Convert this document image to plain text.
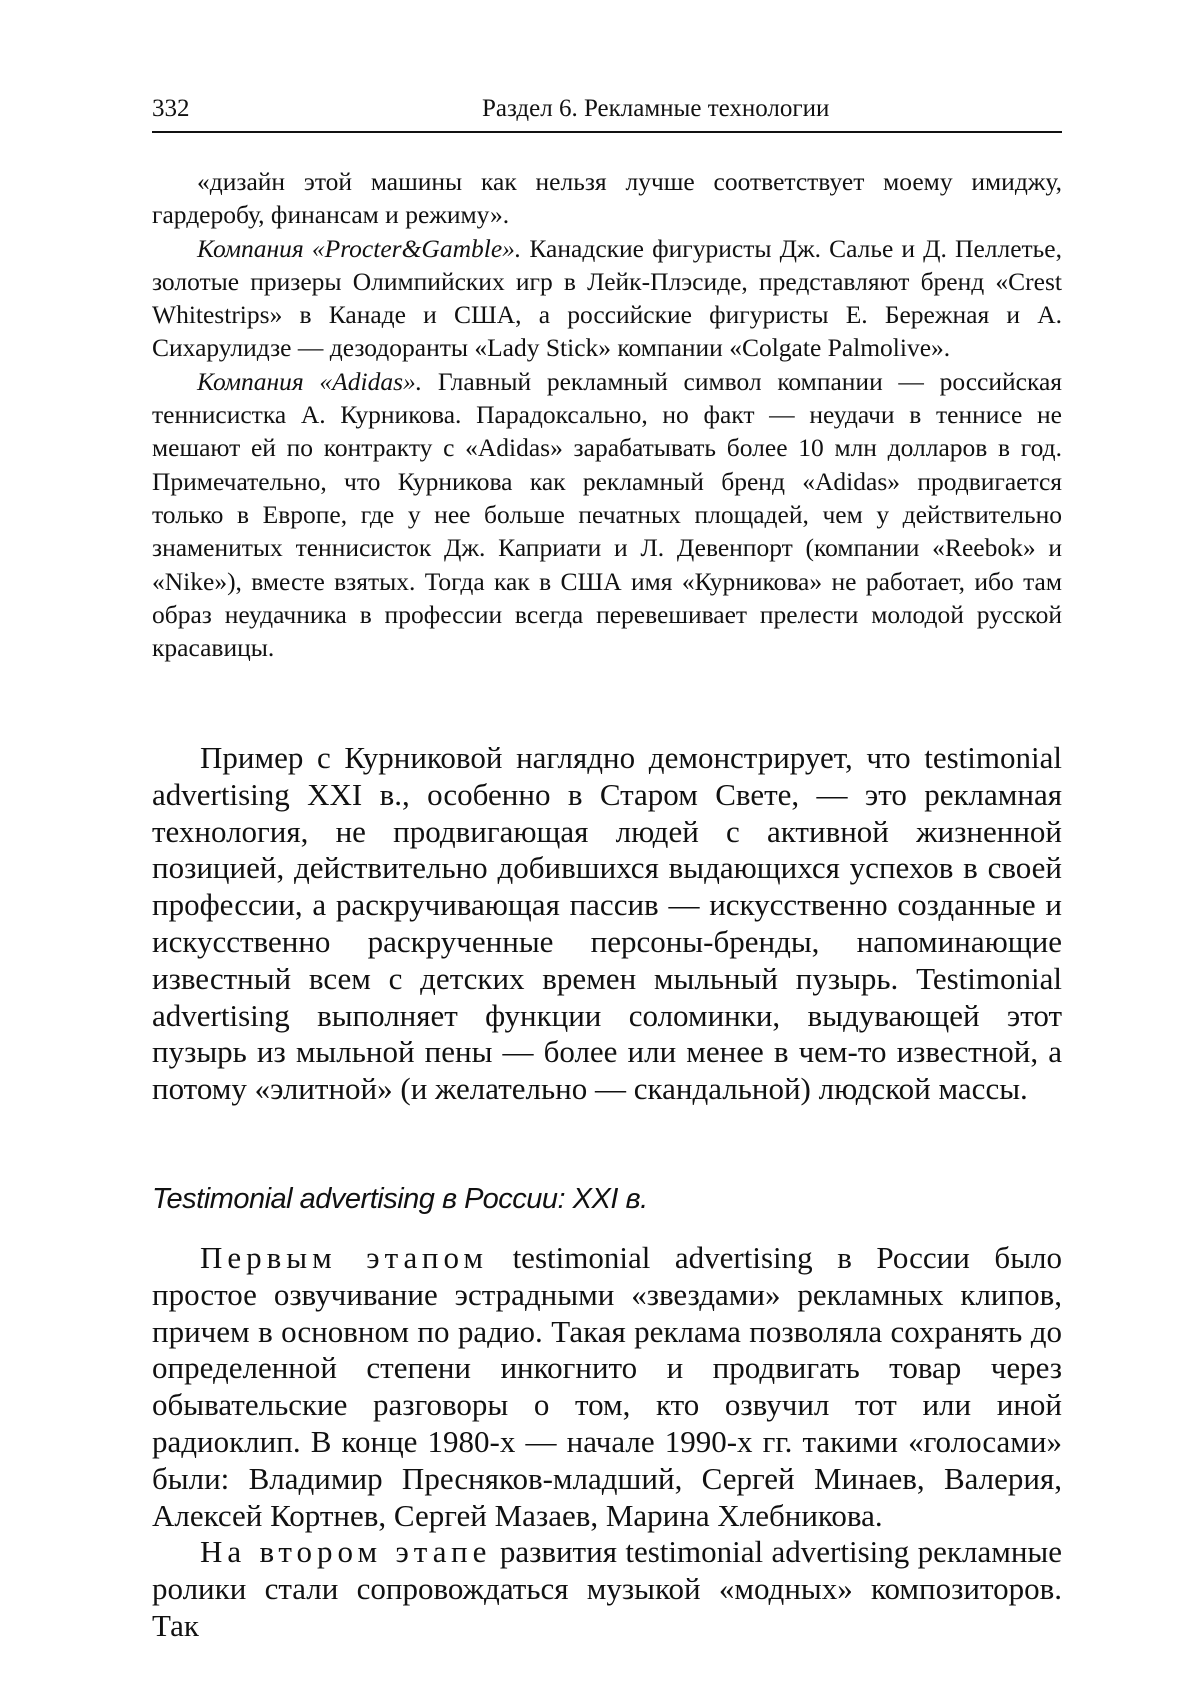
332	Раздел 6. Рекламные технологии

«дизайн этой машины как нельзя лучше соответствует моему имиджу, гардеробу, финансам и режиму».

Компания «Procter&Gamble». Канадские фигуристы Дж. Салье и Д. Пеллетье, золотые призеры Олимпийских игр в Лейк-Плэсиде, представляют бренд «Crest Whitestrips» в Канаде и США, а российские фигуристы Е. Бережная и А. Сихарулидзе — дезодоранты «Lady Stick» компании «Colgate Palmolive».

Компания «Adidas». Главный рекламный символ компании — российская теннисистка А. Курникова. Парадоксально, но факт — неудачи в теннисе не мешают ей по контракту с «Adidas» зарабатывать более 10 млн долларов в год. Примечательно, что Курникова как рекламный бренд «Adidas» продвигается только в Европе, где у нее больше печатных площадей, чем у действительно знаменитых теннисисток Дж. Каприати и Л. Девенпорт (компании «Reebok» и «Nike»), вместе взятых. Тогда как в США имя «Курникова» не работает, ибо там образ неудачника в профессии всегда перевешивает прелести молодой русской красавицы.

Пример с Курниковой наглядно демонстрирует, что testimonial advertising XXI в., особенно в Старом Свете, — это рекламная технология, не продвигающая людей с активной жизненной позицией, действительно добившихся выдающихся успехов в своей профессии, а раскручивающая пассив — искусственно созданные и искусственно раскрученные персоны-бренды, напоминающие известный всем с детских времен мыльный пузырь. Testimonial advertising выполняет функции соломинки, выдувающей этот пузырь из мыльной пены — более или менее в чем-то известной, а потому «элитной» (и желательно — скандальной) людской массы.

Testimonial advertising в России: XXI в.

Первым этапом testimonial advertising в России было простое озвучивание эстрадными «звездами» рекламных клипов, причем в основном по радио. Такая реклама позволяла сохранять до определенной степени инкогнито и продвигать товар через обывательские разговоры о том, кто озвучил тот или иной радиоклип. В конце 1980-х — начале 1990-х гг. такими «голосами» были: Владимир Пресняков-младший, Сергей Минаев, Валерия, Алексей Кортнев, Сергей Мазаев, Марина Хлебникова.

На втором этапе развития testimonial advertising рекламные ролики стали сопровождаться музыкой «модных» композиторов. Так
